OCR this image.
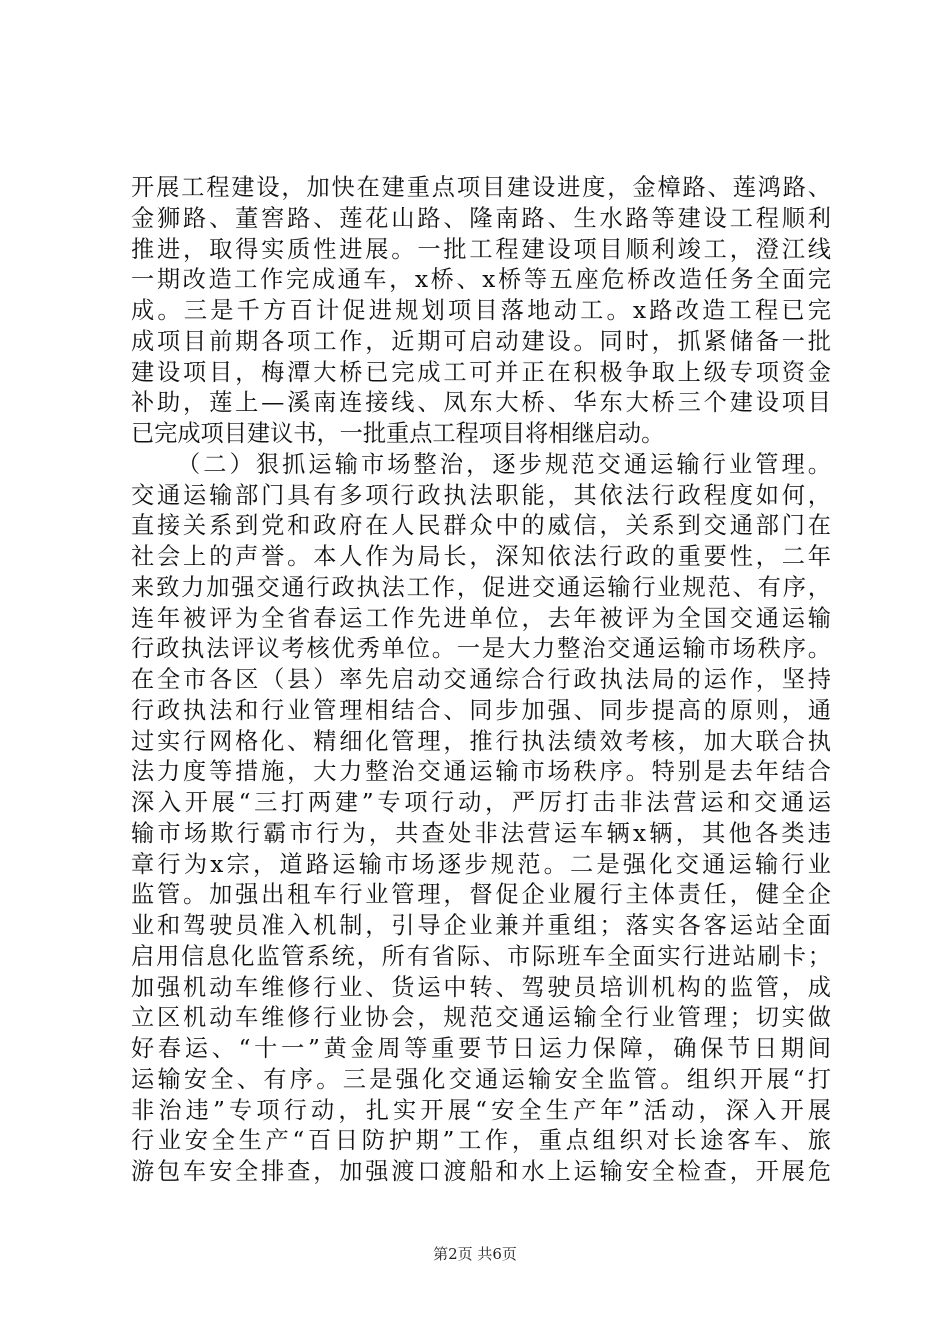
开展工程建设，加快在建重点项目建设进度，金樟路、莲鸿路、
金狮路、董窖路、莲花山路、隆南路、生水路等建设工程顺利
推进，取得实质性进展。一批工程建设项目顺利竣工，澄江线
一期改造工作完成通车，x桥、x桥等五座危桥改造任务全面完
成。三是千方百计促进规划项目落地动工。x路改造工程已完
成项目前期各项工作，近期可启动建设。同时，抓紧储备一批
建设项目，梅潭大桥已完成工可并正在积极争取上级专项资金
补助，莲上—溪南连接线、凤东大桥、华东大桥三个建设项目
已完成项目建议书，一批重点工程项目将相继启动。
（二）狠抓运输市场整治，逐步规范交通运输行业管理。
交通运输部门具有多项行政执法职能，其依法行政程度如何，
直接关系到党和政府在人民群众中的威信，关系到交通部门在
社会上的声誉。本人作为局长，深知依法行政的重要性，二年
来致力加强交通行政执法工作，促进交通运输行业规范、有序，
连年被评为全省春运工作先进单位，去年被评为全国交通运输
行政执法评议考核优秀单位。一是大力整治交通运输市场秩序。
在全市各区（县）率先启动交通综合行政执法局的运作，坚持
行政执法和行业管理相结合、同步加强、同步提高的原则，通
过实行网格化、精细化管理，推行执法绩效考核，加大联合执
法力度等措施，大力整治交通运输市场秩序。特别是去年结合
深入开展“三打两建”专项行动，严厉打击非法营运和交通运
输市场欺行霸市行为，共查处非法营运车辆x辆，其他各类违
章行为x宗，道路运输市场逐步规范。二是强化交通运输行业
监管。加强出租车行业管理，督促企业履行主体责任，健全企
业和驾驶员准入机制，引导企业兼并重组；落实各客运站全面
启用信息化监管系统，所有省际、市际班车全面实行进站刷卡；
加强机动车维修行业、货运中转、驾驶员培训机构的监管，成
立区机动车维修行业协会，规范交通运输全行业管理；切实做
好春运、“十一”黄金周等重要节日运力保障，确保节日期间
运输安全、有序。三是强化交通运输安全监管。组织开展“打
非治违”专项行动，扎实开展“安全生产年”活动，深入开展
行业安全生产“百日防护期”工作，重点组织对长途客车、旅
游包车安全排查，加强渡口渡船和水上运输安全检查，开展危
第2页 共6页
